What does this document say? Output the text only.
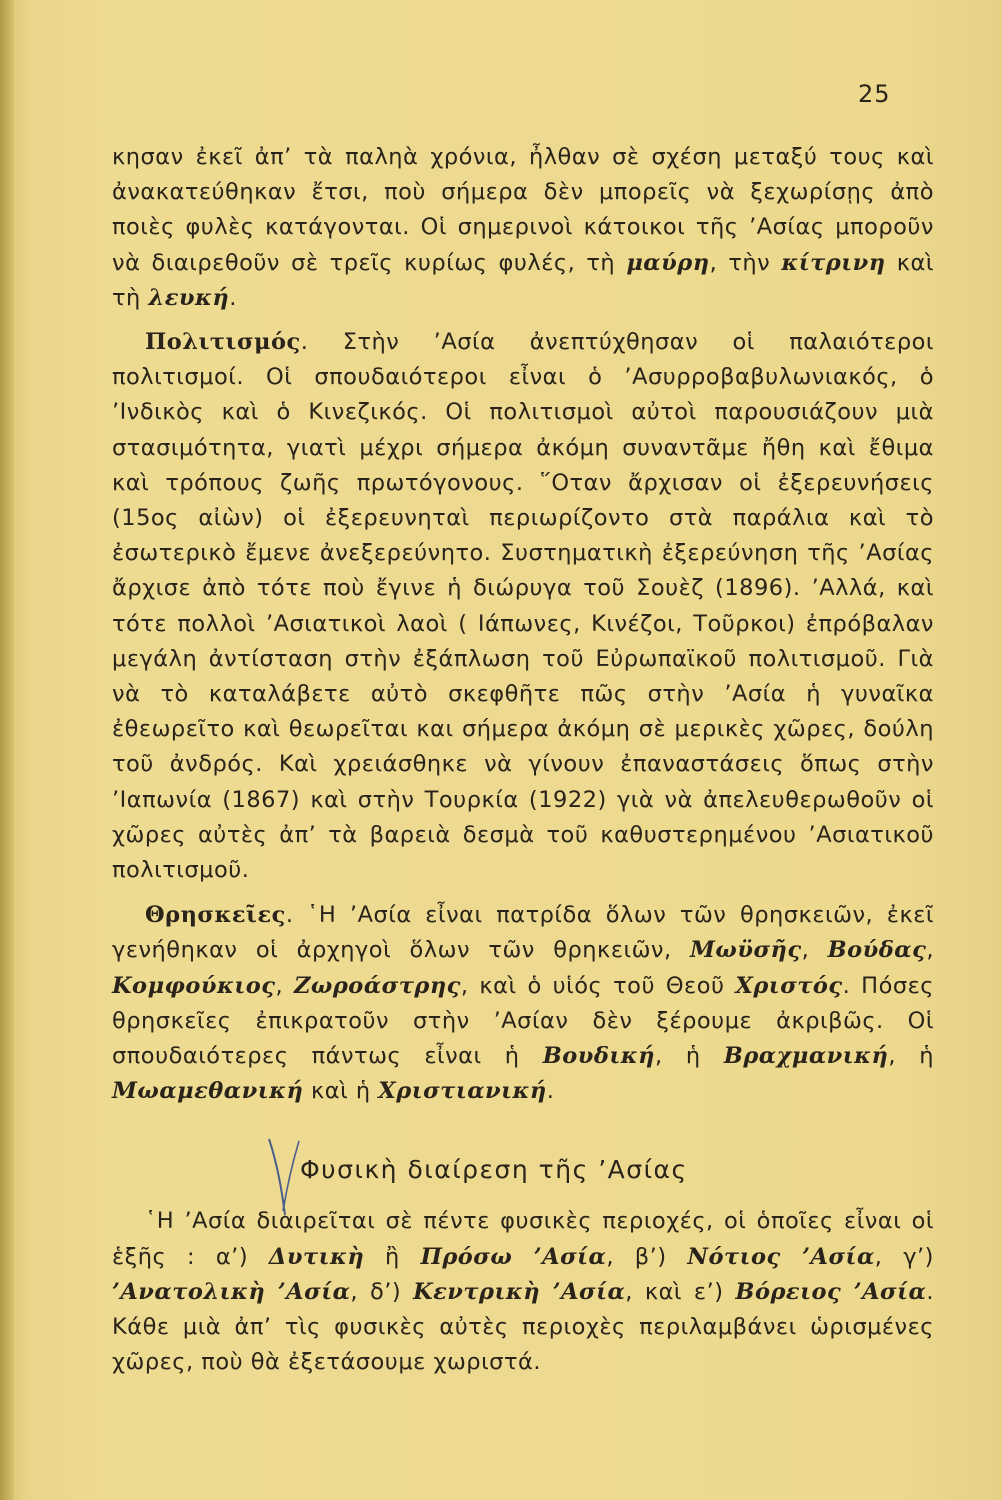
25

κησαν ἐκεῖ ἀπ’ τὰ παληὰ χρόνια, ἦλθαν σὲ σχέση μεταξύ τους καὶ ἀνακατεύθηκαν ἔτσι, ποὺ σήμερα δὲν μπορεῖς νὰ ξεχωρίσῃς ἀπὸ ποιὲς φυλὲς κατάγονται. Οἱ σημερινοὶ κάτοικοι τῆς ’Ασίας μποροῦν νὰ διαιρεθοῦν σὲ τρεῖς κυρίως φυλές, τὴ μαύρη, τὴν κίτρινη καὶ τὴ λευκή.

Πολιτισμός. Στὴν ’Ασία ἀνεπτύχθησαν οἱ παλαιότεροι πολιτισμοί. Οἱ σπουδαιότεροι εἶναι ὁ ’Ασυρροβαβυλωνιακός, ὁ ’Ινδικὸς καὶ ὁ Κινεζικός. Οἱ πολιτισμοὶ αὐτοὶ παρουσιάζουν μιὰ στασιμότητα, γιατὶ μέχρι σήμερα ἀκόμη συναντᾶμε ἤθη καὶ ἔθιμα καὶ τρόπους ζωῆς πρωτόγονους. ῞Οταν ἄρχισαν οἱ ἐξερευνήσεις (15ος αἰὼν) οἱ ἐξερευνηταὶ περιωρίζοντο στὰ παράλια καὶ τὸ ἐσωτερικὸ ἔμενε ἀνεξερεύνητο. Συστηματικὴ ἐξερεύνηση τῆς ’Ασίας ἄρχισε ἀπὸ τότε ποὺ ἔγινε ἡ διώρυγα τοῦ Σουὲζ (1896). ’Αλλά, καὶ τότε πολλοὶ ’Ασιατικοὶ λαοὶ ( Ιάπωνες, Κινέζοι, Τοῦρκοι) ἐπρόβαλαν μεγάλη ἀντίσταση στὴν ἐξάπλωση τοῦ Εὐρωπαϊκοῦ πολιτισμοῦ. Γιὰ νὰ τὸ καταλάβετε αὐτὸ σκεφθῆτε πῶς στὴν ’Ασία ἡ γυναῖκα ἐθεωρεῖτο καὶ θεωρεῖται και σήμερα ἀκόμη σὲ μερικὲς χῶρες, δούλη τοῦ ἀνδρός. Καὶ χρειάσθηκε νὰ γίνουν ἐπαναστάσεις ὅπως στὴν ’Ιαπωνία (1867) καὶ στὴν Τουρκία (1922) γιὰ νὰ ἀπελευθερωθοῦν οἱ χῶρες αὐτὲς ἀπ’ τὰ βαρειὰ δεσμὰ τοῦ καθυστερημένου ’Ασιατικοῦ πολιτισμοῦ.

Θρησκεῖες. ῾Η ’Ασία εἶναι πατρίδα ὅλων τῶν θρησκειῶν, ἐκεῖ γενήθηκαν οἱ ἀρχηγοὶ ὅλων τῶν θρηκειῶν, Μωϋσῆς, Βούδας, Κομφούκιος, Ζωροάστρης, καὶ ὁ υἱός τοῦ Θεοῦ Χριστός. Πόσες θρησκεῖες ἐπικρατοῦν στὴν ’Ασίαν δὲν ξέρουμε ἀκριβῶς. Οἱ σπουδαιότερες πάντως εἶναι ἡ Βουδική, ἡ Βραχμανική, ἡ Μωαμεθανική καὶ ἡ Χριστιανική.

Φυσικὴ διαίρεση τῆς ’Ασίας

῾Η ’Ασία διαιρεῖται σὲ πέντε φυσικὲς περιοχές, οἱ ὁποῖες εἶναι οἱ ἑξῆς : α’) Δυτικὴ ἢ Πρόσω ’Ασία, β’) Νότιος ’Ασία, γ’) ’Ανατολικὴ ’Ασία, δ’) Κεντρικὴ ’Ασία, καὶ ε’) Βόρειος ’Ασία. Κάθε μιὰ ἀπ’ τὶς φυσικὲς αὐτὲς περιοχὲς περιλαμβάνει ὡρισμένες χῶρες, ποὺ θὰ ἐξετάσουμε χωριστά.
